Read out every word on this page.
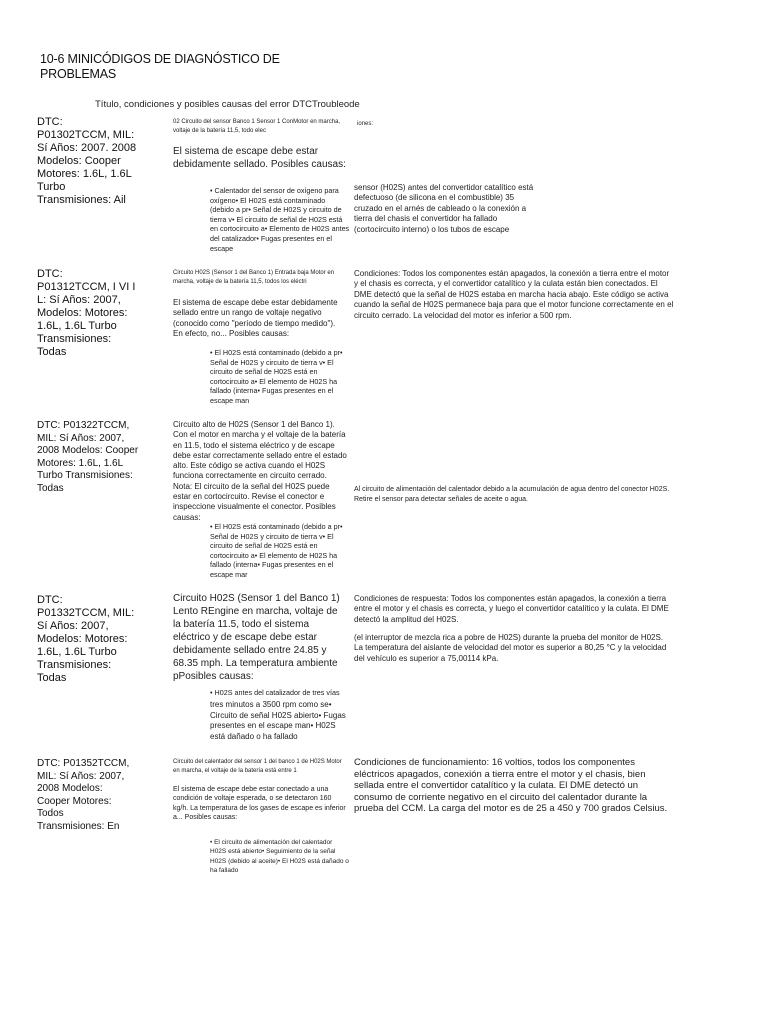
10-6 MINICÓDIGOS DE DIAGNÓSTICO DE PROBLEMAS
Título, condiciones y posibles causas del error DTCTroubleode
DTC: P01302TCCM, MIL: Sí Años: 2007. 2008 Modelos: Cooper Motores: 1.6L, 1.6L Turbo Transmisiones: Ail
02 Circuito del sensor Banco 1 Sensor 1 ConMotor en marcha, voltaje de la batería 11,5, todo elec
iones:
El sistema de escape debe estar debidamente sellado. Posibles causas:
• Calentador del sensor de oxígeno para oxígeno• El H02S está contaminado (debido a pr• Señal de H02S y circuito de tierra v• El circuito de señal de H02S está en cortocircuito a• Elemento de H02S antes del catalizador• Fugas presentes en el escape
sensor (H02S) antes del convertidor catalítico está defectuoso (de silicona en el combustible) 35 cruzado en el arnés de cableado o la conexión a tierra del chasis el convertidor ha fallado (cortocircuito interno) o los tubos de escape
DTC: P01312TCCM, I VI I L: Sí Años: 2007, Modelos: Motores: 1.6L, 1.6L Turbo Transmisiones: Todas
Circuito H02S (Sensor 1 del Banco 1) Entrada baja Motor en marcha, voltaje de la batería 11,5, todos los eléctri
El sistema de escape debe estar debidamente sellado entre un rango de voltaje negativo (conocido como "período de tiempo medido"). En efecto, no... Posibles causas:
• El H02S está contaminado (debido a pr• Señal de H02S y circuito de tierra v• El circuito de señal de H02S está en cortocircuito a• El elemento de H02S ha fallado (interna• Fugas presentes en el escape man
Condiciones: Todos los componentes están apagados, la conexión a tierra entre el motor y el chasis es correcta, y el convertidor catalítico y la culata están bien conectados. El DME detectó que la señal de H02S estaba en marcha hacia abajo. Este código se activa cuando la señal de H02S permanece baja para que el motor funcione correctamente en el circuito cerrado. La velocidad del motor es inferior a 500 rpm.
DTC: P01322TCCM, MIL: Sí Años: 2007, 2008 Modelos: Cooper Motores: 1.6L, 1.6L Turbo Transmisiones: Todas
Circuito alto de H02S (Sensor 1 del Banco 1). Con el motor en marcha y el voltaje de la batería en 11.5, todo el sistema eléctrico y de escape debe estar correctamente sellado entre el estado alto. Este código se activa cuando el H02S funciona correctamente en circuito cerrado. Nota: El circuito de la señal del H02S puede estar en cortocircuito. Revise el conector e inspeccione visualmente el conector. Posibles causas:
• El H02S está contaminado (debido a pr• Señal de H02S y circuito de tierra v• El circuito de señal de H02S está en cortocircuito a• El elemento de H02S ha fallado (interna• Fugas presentes en el escape mar
Al circuito de alimentación del calentador debido a la acumulación de agua dentro del conector H02S. Retire el sensor para detectar señales de aceite o agua.
DTC: P01332TCCM, MIL: Sí Años: 2007, Modelos: Motores: 1.6L, 1.6L Turbo Transmisiones: Todas
Circuito H02S (Sensor 1 del Banco 1) Lento REngine en marcha, voltaje de la batería 11.5, todo el sistema eléctrico y de escape debe estar debidamente sellado entre 24.85 y 68.35 mph. La temperatura ambiente pPosibles causas:
• H02S antes del catalizador de tres vías
tres minutos a 3500 rpm como se• Circuito de señal H02S abierto• Fugas presentes en el escape man• H02S está dañado o ha fallado
Condiciones de respuesta: Todos los componentes están apagados, la conexión a tierra entre el motor y el chasis es correcta, y luego el convertidor catalítico y la culata. El DME detectó la amplitud del H02S.
(el interruptor de mezcla rica a pobre de H02S) durante la prueba del monitor de H02S. La temperatura del aislante de velocidad del motor es superior a 80,25 °C y la velocidad del vehículo es superior a 75,00114 kPa.
DTC: P01352TCCM, MIL: Sí Años: 2007, 2008 Modelos: Cooper Motores: Todos Transmisiones: En
Circuito del calentador del sensor 1 del banco 1 de H02S Motor en marcha, el voltaje de la batería está entre 1
El sistema de escape debe estar conectado a una condición de voltaje esperada, o se detectaron 160 kg/h. La temperatura de los gases de escape es inferior a... Posibles causas:
• El circuito de alimentación del calentador H02S está abierto• Seguimiento de la señal H02S (debido al aceite)• El H02S está dañado o ha fallado
Condiciones de funcionamiento: 16 voltios, todos los componentes eléctricos apagados, conexión a tierra entre el motor y el chasis, bien sellada entre el convertidor catalítico y la culata. El DME detectó un consumo de corriente negativo en el circuito del calentador durante la prueba del CCM. La carga del motor es de 25 a 450 y 700 grados Celsius.
